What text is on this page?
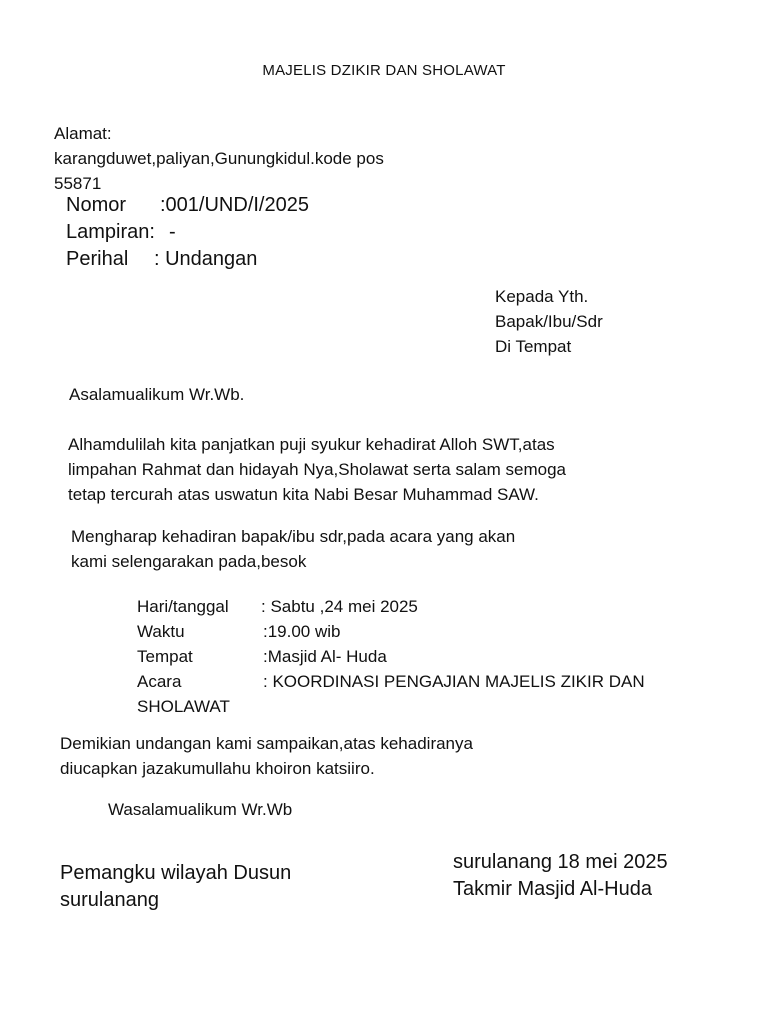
MAJELIS DZIKIR DAN SHOLAWAT
Alamat:
karangduwet,paliyan,Gunungkidul.kode pos
55871
Nomor	:001/UND/I/2025
Lampiran: -
Perihal	: Undangan
Kepada Yth.
Bapak/Ibu/Sdr
Di Tempat
Asalamualikum Wr.Wb.
Alhamdulilah kita panjatkan puji syukur kehadirat Alloh SWT,atas
limpahan Rahmat dan hidayah Nya,Sholawat serta salam semoga
tetap tercurah atas uswatun kita Nabi Besar Muhammad SAW.
Mengharap kehadiran bapak/ibu sdr,pada acara yang akan
kami selengarakan pada,besok
Hari/tanggal	: Sabtu ,24 mei 2025
Waktu	:19.00 wib
Tempat	:Masjid Al- Huda
Acara	: KOORDINASI PENGAJIAN MAJELIS ZIKIR DAN
SHOLAWAT
Demikian undangan kami sampaikan,atas kehadiranya
diucapkan jazakumullahu khoiron katsiiro.
Wasalamualikum Wr.Wb
Pemangku wilayah Dusun
surulanang
surulanang 18 mei 2025
Takmir Masjid Al-Huda
